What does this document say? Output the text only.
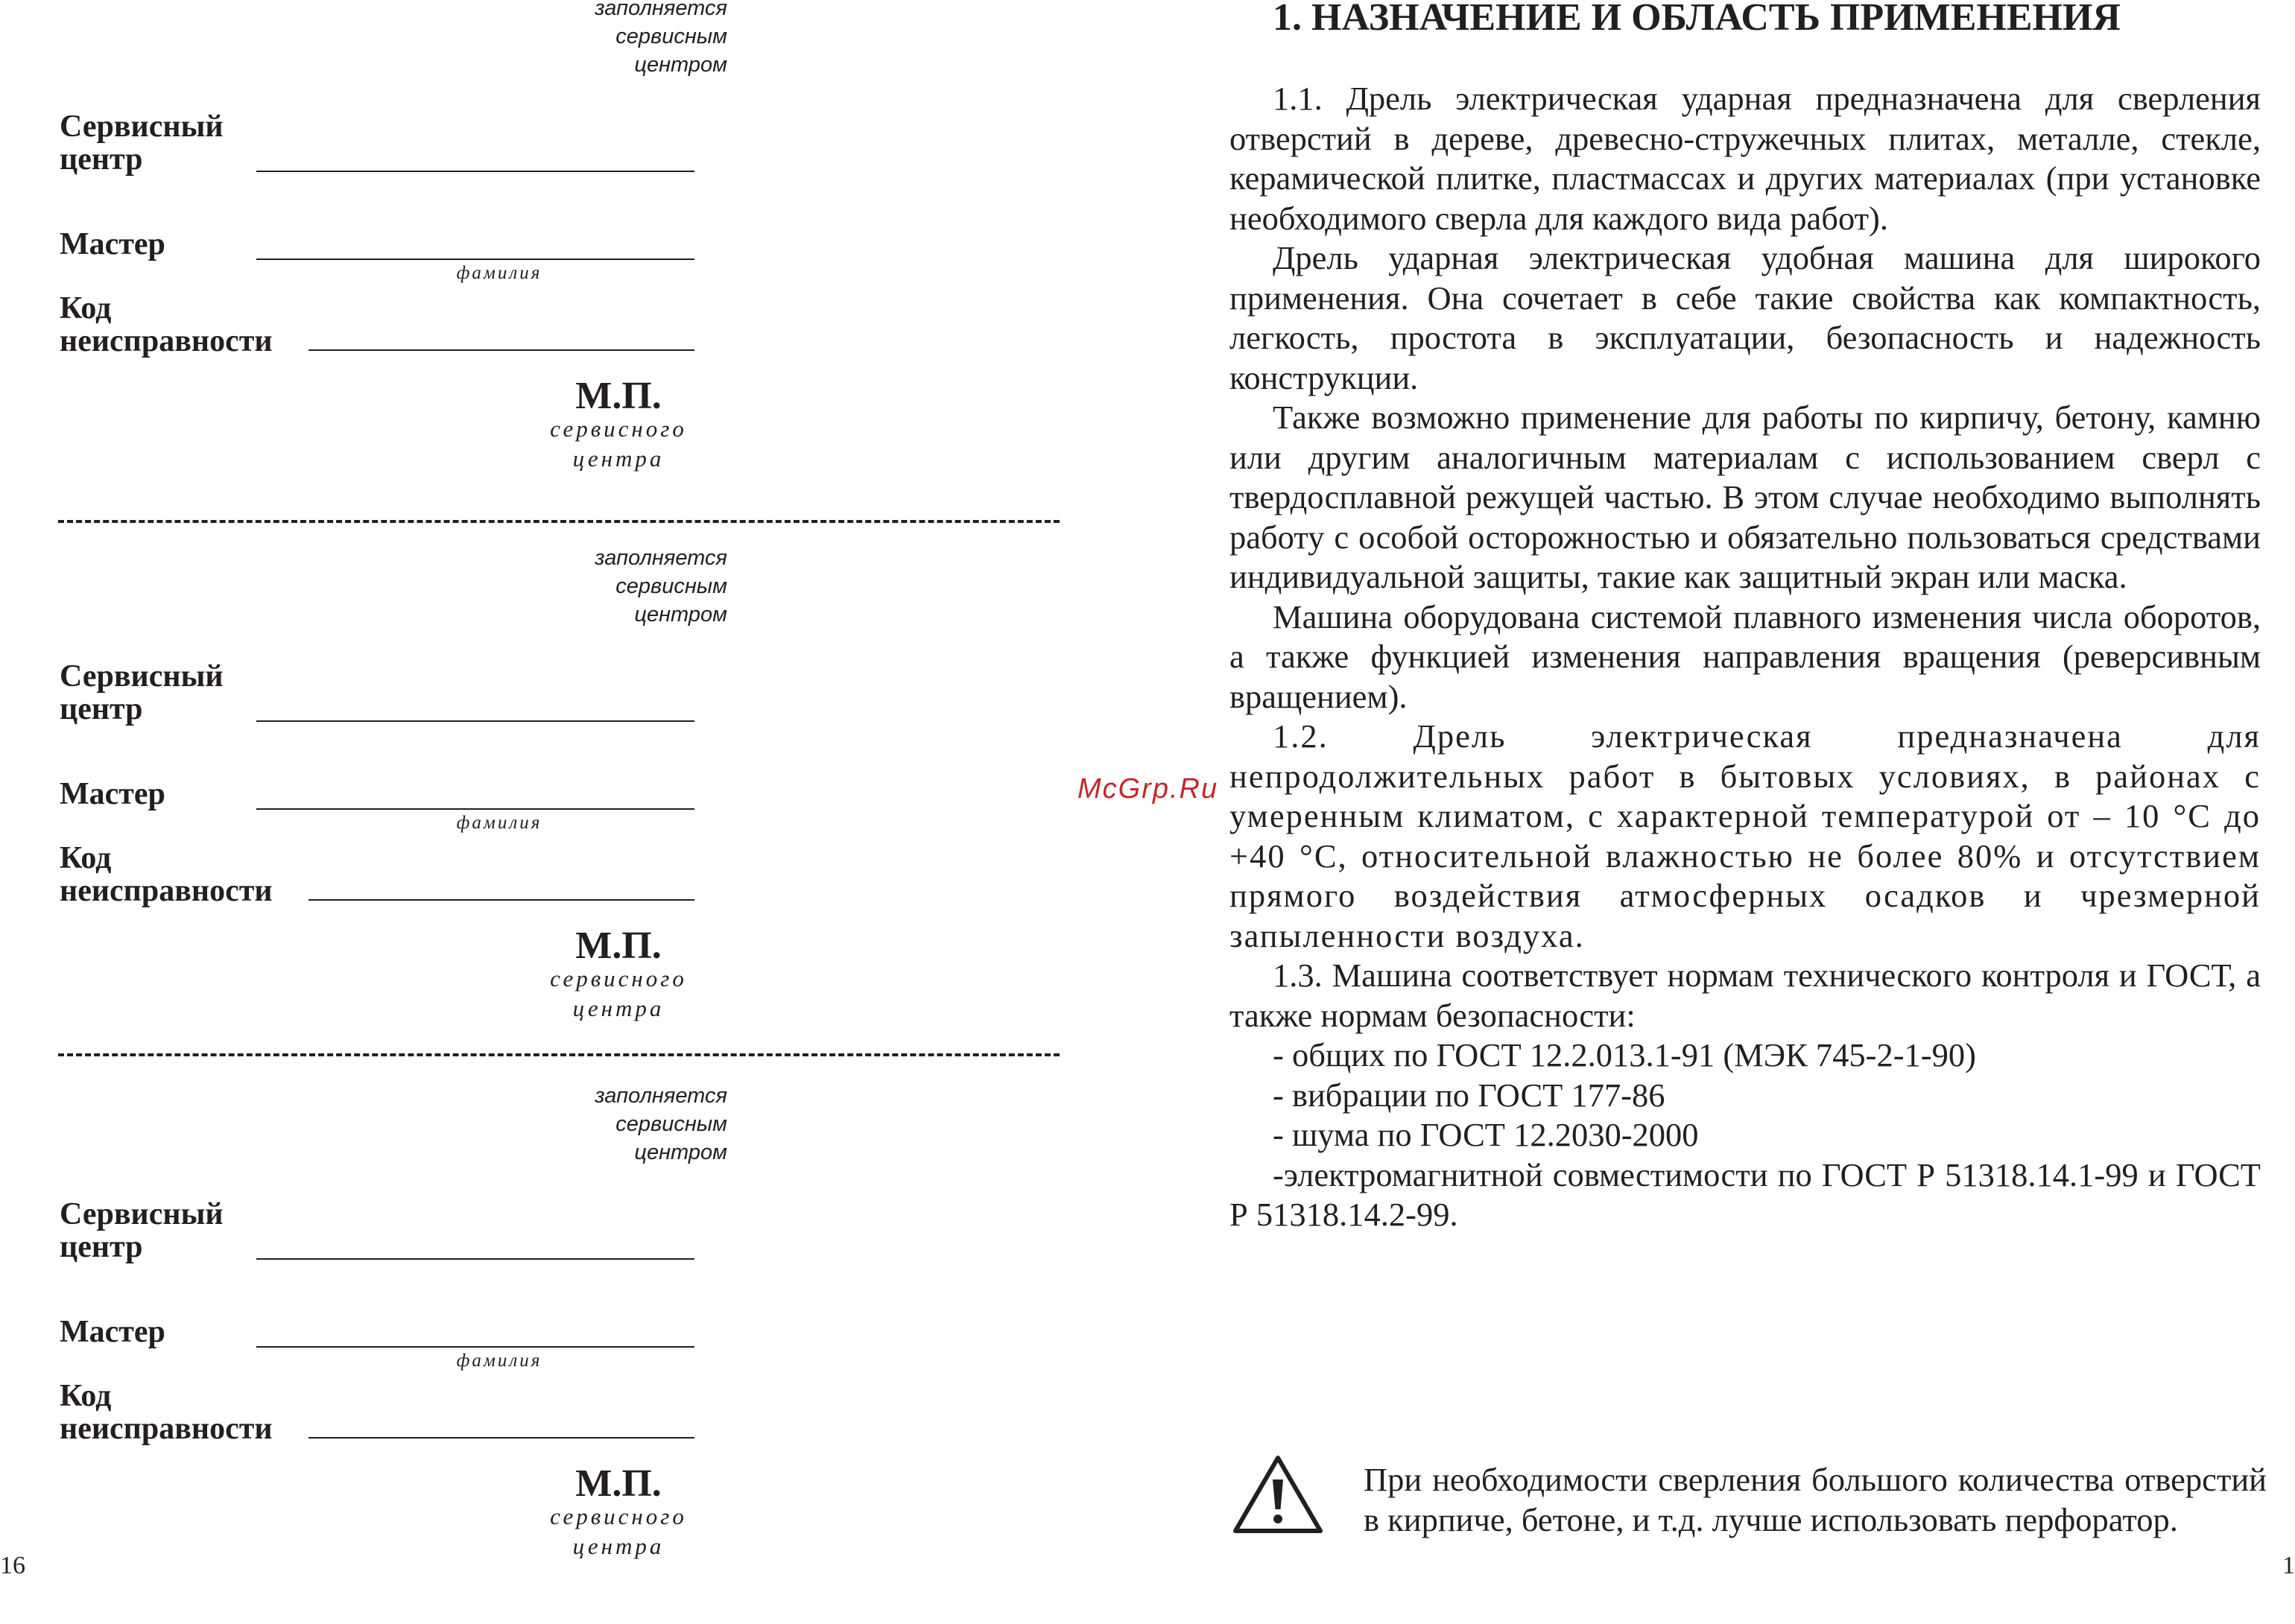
заполняется
сервисным центром
Сервисный
центр
Мастер
фамилия
Код
неисправности
М.П.
сервисного
центра
заполняется
сервисным центром
Сервисный
центр
Мастер
фамилия
Код
неисправности
М.П.
сервисного
центра
заполняется
сервисным центром
Сервисный
центр
Мастер
фамилия
Код
неисправности
М.П.
сервисного
центра
16
1. НАЗНАЧЕНИЕ И ОБЛАСТЬ ПРИМЕНЕНИЯ

1.1. Дрель электрическая ударная предназначена для сверления отверстий в дереве, древесно-стружечных плитах, металле, стекле, керамической плитке, пластмассах и других материалах (при установке необходимого сверла для каждого вида работ).

Дрель ударная электрическая удобная машина для широкого применения. Она сочетает в себе такие свойства как компактность, легкость, простота в эксплуатации, безопасность и надежность конструкции.

Также возможно применение для работы по кирпичу, бетону, камню или другим аналогичным материалам с использованием сверл с твердосплавной режущей частью. В этом случае необходимо выполнять работу с особой осторожностью и обязательно пользоваться средствами индивидуальной защиты, такие как защитный экран или маска.

Машина оборудована системой плавного изменения числа оборотов, а также функцией изменения направления вращения (реверсивным вращением).

1.2. Дрель электрическая предназначена для непродолжительных работ в бытовых условиях, в районах с умеренным климатом, с характерной температурой от – 10 °С до +40 °С, относительной влажностью не более 80% и отсутствием прямого воздействия атмосферных осадков и чрезмерной запыленности воздуха.

1.3. Машина соответствует нормам технического контроля и ГОСТ, а также нормам безопасности:

- общих по ГОСТ 12.2.013.1-91 (МЭК 745-2-1-90)

- вибрации по ГОСТ 177-86

- шума по ГОСТ 12.2030-2000

-электромагнитной совместимости по ГОСТ Р 51318.14.1-99 и ГОСТ Р 51318.14.2-99.

При необходимости сверления большого количества отверстий в кирпиче, бетоне, и т.д. лучше использовать перфоратор.

1
McGrp.Ru
